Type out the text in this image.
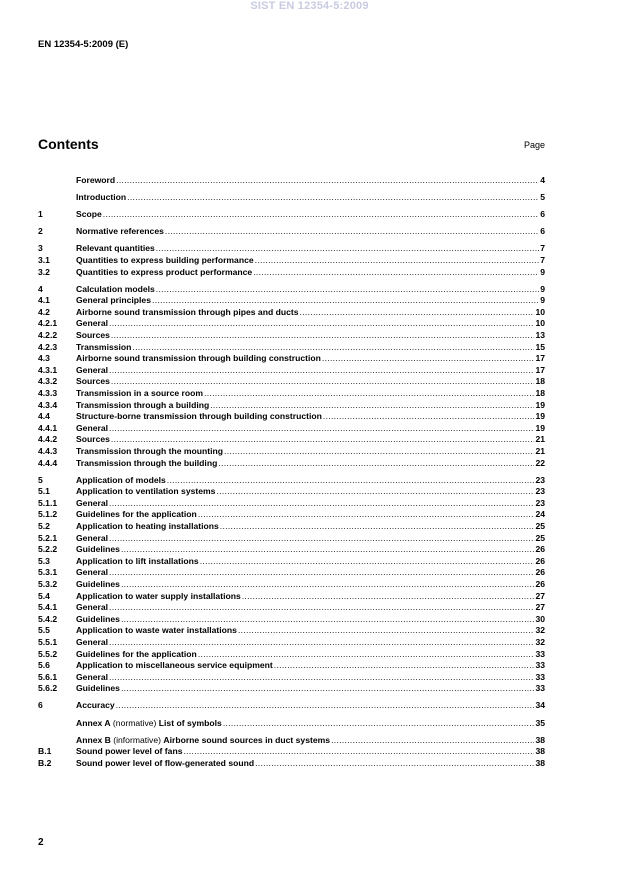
SIST EN 12354-5:2009
EN 12354-5:2009 (E)
Contents	Page
Foreword .....	4
Introduction .....	5
1	Scope .....	6
2	Normative references .....	6
3	Relevant quantities .....	7
3.1	Quantities to express building performance .....	7
3.2	Quantities to express product performance .....	9
4	Calculation models .....	9
4.1	General principles .....	9
4.2	Airborne sound transmission through pipes and ducts .....	10
4.2.1	General .....	10
4.2.2	Sources .....	13
4.2.3	Transmission .....	15
4.3	Airborne sound transmission through building construction .....	17
4.3.1	General .....	17
4.3.2	Sources .....	18
4.3.3	Transmission in a source room .....	18
4.3.4	Transmission through a building .....	19
4.4	Structure-borne transmission through building construction .....	19
4.4.1	General .....	19
4.4.2	Sources .....	21
4.4.3	Transmission through the mounting .....	21
4.4.4	Transmission through the building .....	22
5	Application of models .....	23
5.1	Application to ventilation systems .....	23
5.1.1	General .....	23
5.1.2	Guidelines for the application .....	24
5.2	Application to heating installations .....	25
5.2.1	General .....	25
5.2.2	Guidelines .....	26
5.3	Application to lift installations .....	26
5.3.1	General .....	26
5.3.2	Guidelines .....	26
5.4	Application to water supply installations .....	27
5.4.1	General .....	27
5.4.2	Guidelines .....	30
5.5	Application to waste water installations .....	32
5.5.1	General .....	32
5.5.2	Guidelines for the application .....	33
5.6	Application to miscellaneous service equipment .....	33
5.6.1	General .....	33
5.6.2	Guidelines .....	33
6	Accuracy .....	34
Annex A (normative) List of symbols .....	35
Annex B (informative) Airborne sound sources in duct systems .....	38
B.1	Sound power level of fans .....	38
B.2	Sound power level of flow-generated sound .....	38
2
